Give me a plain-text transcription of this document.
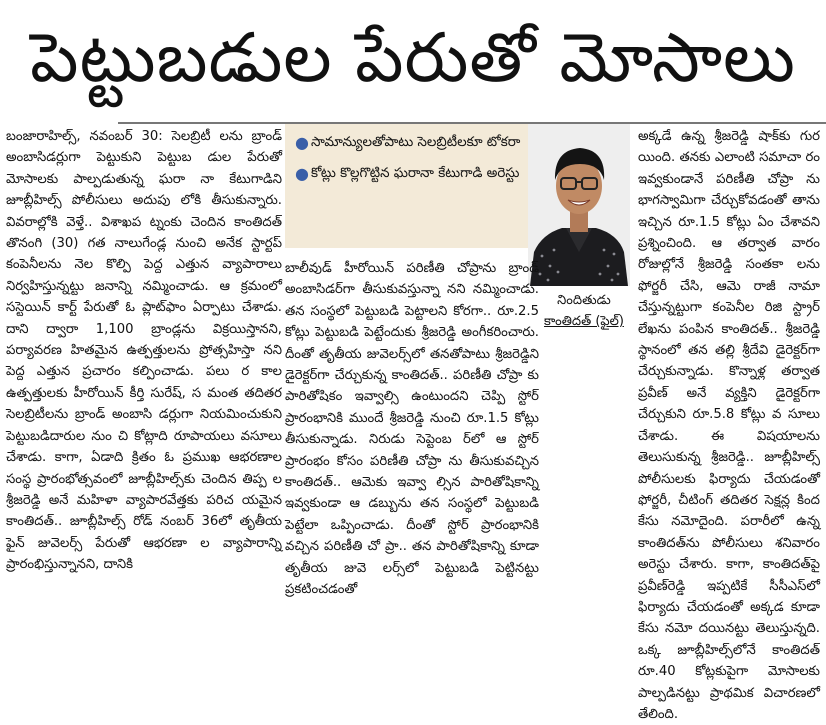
పెట్టుబడుల పేరుతో మోసాలు

బంజారాహిల్స్, నవంబర్ 30: సెలబ్రిటీ లను బ్రాండ్ అంబాసిడర్లుగా పెట్టుకుని పెట్టుబ డుల పేరుతో మోసాలకు పాల్పడుతున్న ఘరా నా కేటుగాడిని జూబ్లీహిల్స్ పోలీసులు అదుపు లోకి తీసుకున్నారు. వివరాల్లోకి వెళ్తే.. విశాఖప ట్నంకు చెందిన కాంతిదత్ తొనంగి (30) గత నాలుగేండ్ల నుంచి అనేక స్టార్టప్ కంపెనీలను నెల కొల్పి పెద్ద ఎత్తున వ్యాపారాలు నిర్వహిస్తున్నట్టు జనాన్ని నమ్మించాడు. ఆ క్రమంలో సస్టెయిన్ కార్ట్ పేరుతో ఓ ప్లాట్‌ఫాం ఏర్పాటు చేశాడు. దాని ద్వారా 1,100 బ్రాండ్లను విక్రయిస్తానని, పర్యావరణ హితమైన ఉత్పత్తులను ప్రోత్సహిస్తా నని పెద్ద ఎత్తున ప్రచారం కల్పించాడు. పలు ర కాల ఉత్పత్తులకు హీరోయిన్ కీర్తి సురేష్, స మంత తదితర సెలబ్రిటీలను బ్రాండ్ అంబాసి డర్లుగా నియమించుకుని పెట్టుబడిదారుల నుం చి కోట్లాది రూపాయలు వసూలు చేశాడు. కాగా, ఏడాది క్రితం ఓ ప్రముఖ ఆభరణాల సంస్థ ప్రారంభోత్సవంలో జూబ్లీహిల్స్‌కు చెందిన తిప్ప ల శ్రీజరెడ్డి అనే మహిళా వ్యాపారవేత్తకు పరిచ యమైన కాంతిదత్.. జూబ్లీహిల్స్ రోడ్ నంబర్ 36లో తృతీయ ఫైన్ జువెలర్స్ పేరుతో ఆభరణా ల వ్యాపారాన్ని ప్రారంభిస్తున్నానని, దానికి

● సామాన్యులతోపాటు సెలబ్రిటీలకూ టోకరా
● కోట్లు కొల్లగొట్టిన ఘరానా కేటుగాడి అరెస్టు
నిందితుడు
కాంతిదత్ (ఫైల్)

బాలీవుడ్ హీరోయిన్ పరిణీతి చోప్రాను బ్రాండ్ అంబాసిడర్‌గా తీసుకువస్తున్నా నని నమ్మించాడు. తన సంస్థలో పెట్టుబడి పెట్టాలని కోరగా.. రూ.2.5 కోట్లు పెట్టుబడి పెట్టేందుకు శ్రీజరెడ్డి అంగీకరించారు. దీంతో తృతీయ జువెలర్స్‌లో తనతోపాటు శ్రీజరెడ్డిని డైరెక్టర్‌గా చేర్చుకున్న కాంతిదత్.. పరిణీతి చోప్రా కు పారితోషికం ఇవ్వాల్సి ఉంటుందని చెప్పి స్టోర్ ప్రారంభానికి ముందే శ్రీజరెడ్డి నుంచి రూ.1.5 కోట్లు తీసుకున్నాడు. నిరుడు సెప్టెంబ ర్‌లో ఆ స్టోర్ ప్రారంభం కోసం పరిణీతి చోప్రా ను తీసుకువచ్చిన కాంతిదత్.. ఆమెకు ఇవ్వా ల్సిన పారితోషికాన్ని ఇవ్వకుండా ఆ డబ్బును తన సంస్థలో పెట్టుబడి పెట్టేలా ఒప్పించాడు. దీంతో స్టోర్ ప్రారంభానికి వచ్చిన పరిణీతి చో ప్రా.. తన పారితోషికాన్ని కూడా తృతీయ జువె లర్స్‌లో పెట్టుబడి పెట్టినట్టు ప్రకటించడంతో

అక్కడే ఉన్న శ్రీజరెడ్డి షాక్‌కు గుర యింది. తనకు ఎలాంటి సమాచా రం ఇవ్వకుండానే పరిణీతి చోప్రా ను భాగస్వామిగా చేర్చుకోవడంతో తాను ఇచ్చిన రూ.1.5 కోట్లు ఏం చేశావని ప్రశ్నించింది. ఆ తర్వాత వారం రోజుల్లోనే శ్రీజరెడ్డి సంతకా లను ఫోర్జరీ చేసి, ఆమె రాజీ నామా చేస్తున్నట్టుగా కంపెనీల రిజి స్ట్రార్ లేఖను పంపిన కాంతిదత్.. శ్రీజరెడ్డి స్థానంలో తన తల్లి శ్రీదేవి డైరెక్టర్‌గా చేర్చుకున్నాడు. కొన్నాళ్ల తర్వాత ప్రవీణ్ అనే వ్యక్తిని డైరెక్టర్‌గా చేర్చుకుని రూ.5.8 కోట్లు వ సూలు చేశాడు. ఈ విషయాలను తెలుసుకున్న శ్రీజరెడ్డి.. జూబ్లీహిల్స్ పోలీసులకు ఫిర్యాదు చేయడంతో ఫోర్జరీ, చీటింగ్ తదితర సెక్షన్ల కింద కేసు నమోదైంది. పరారీలో ఉన్న కాంతిదత్‌ను పోలీసులు శనివారం అరెస్టు చేశారు. కాగా, కాంతిదత్‌పై ప్రవీణ్‌రెడ్డి ఇప్పటికే సీసీఎస్‌లో ఫిర్యాదు చేయడంతో అక్కడ కూడా కేసు నమో దయినట్టు తెలుస్తున్నది. ఒక్క జూబ్లీహిల్స్‌లోనే కాంతిదత్ రూ.40 కోట్లకుపైగా మోసాలకు పాల్పడినట్టు ప్రాథమిక విచారణలో తేలింది.
